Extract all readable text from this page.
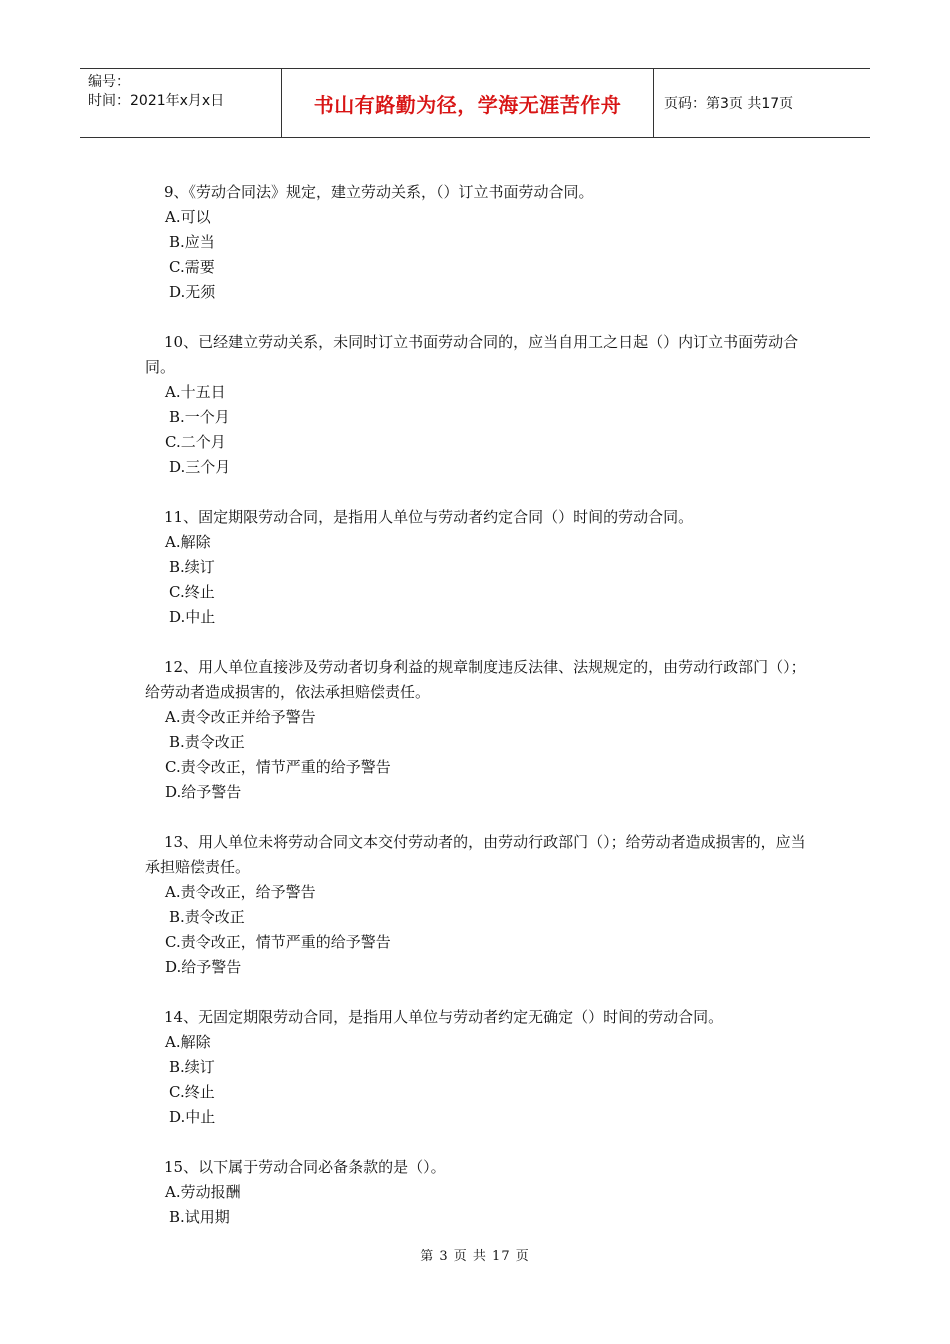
编号：
时间：2021年x月x日	书山有路勤为径，学海无涯苦作舟	页码：第3页 共17页
9、《劳动合同法》规定，建立劳动关系，（）订立书面劳动合同。
A.可以
B.应当
C.需要
D.无须
10、已经建立劳动关系，未同时订立书面劳动合同的，应当自用工之日起（）内订立书面劳动合同。
A.十五日
B.一个月
C.二个月
D.三个月
11、固定期限劳动合同，是指用人单位与劳动者约定合同（）时间的劳动合同。
A.解除
B.续订
C.终止
D.中止
12、用人单位直接涉及劳动者切身利益的规章制度违反法律、法规规定的，由劳动行政部门（）；给劳动者造成损害的，依法承担赔偿责任。
A.责令改正并给予警告
B.责令改正
C.责令改正，情节严重的给予警告
D.给予警告
13、用人单位未将劳动合同文本交付劳动者的，由劳动行政部门（）；给劳动者造成损害的，应当承担赔偿责任。
A.责令改正，给予警告
B.责令改正
C.责令改正，情节严重的给予警告
D.给予警告
14、无固定期限劳动合同，是指用人单位与劳动者约定无确定（）时间的劳动合同。
A.解除
B.续订
C.终止
D.中止
15、以下属于劳动合同必备条款的是（）。
A.劳动报酬
B.试用期
第 3 页 共 17 页
